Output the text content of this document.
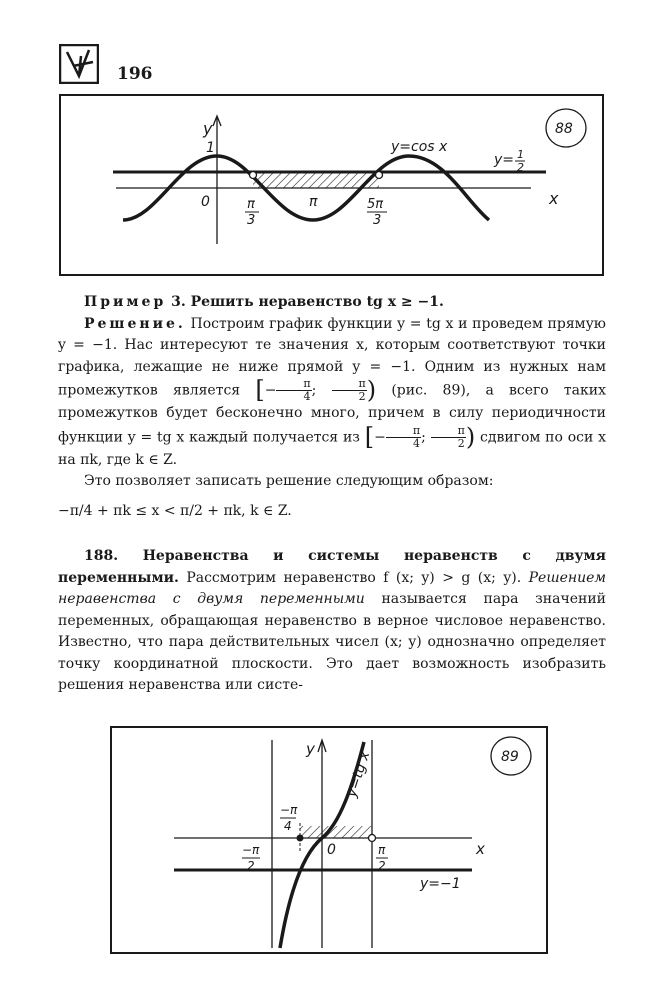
196
y
x
1
0
y=cos x
y= 1
2
π
3
π	5π
3
88

Пример 3. Решить неравенство tg x ≥ −1.

Решение. Построим график функции y = tg x и проведем прямую y = −1. Нас интересуют те значения x, которым соответствуют точки графика, лежащие не ниже прямой y = −1. Одним из нужных нам промежутков является [− $\frac{\pi}{4}$ ; $\frac{\pi}{2}$ ) (рис. 89), а всего таких промежутков будет бесконечно много, причем в силу периодичности функции y = tg x каждый получается из [− $\frac{\pi}{4}$ ; $\frac{\pi}{2}$ ) сдвигом по оси x на πk, где k ∈ Z.

Это позволяет записать решение следующим образом:

−π/4 + πk ≤ x < π/2 + πk, k ∈ Z.

188. Неравенства и системы неравенств с двумя переменными. Рассмотрим неравенство f (x; y) > g (x; y). Решением неравенства с двумя переменными называется пара значений переменных, обращающая неравенство в верное числовое неравенство. Известно, что пара действительных чисел (x; y) однозначно определяет точку координатной плоскости. Это дает возможность изобразить решения неравенства или систе-

y
x
0
y=tg x
y=−1
−π
4
−π
2
π
2
89
